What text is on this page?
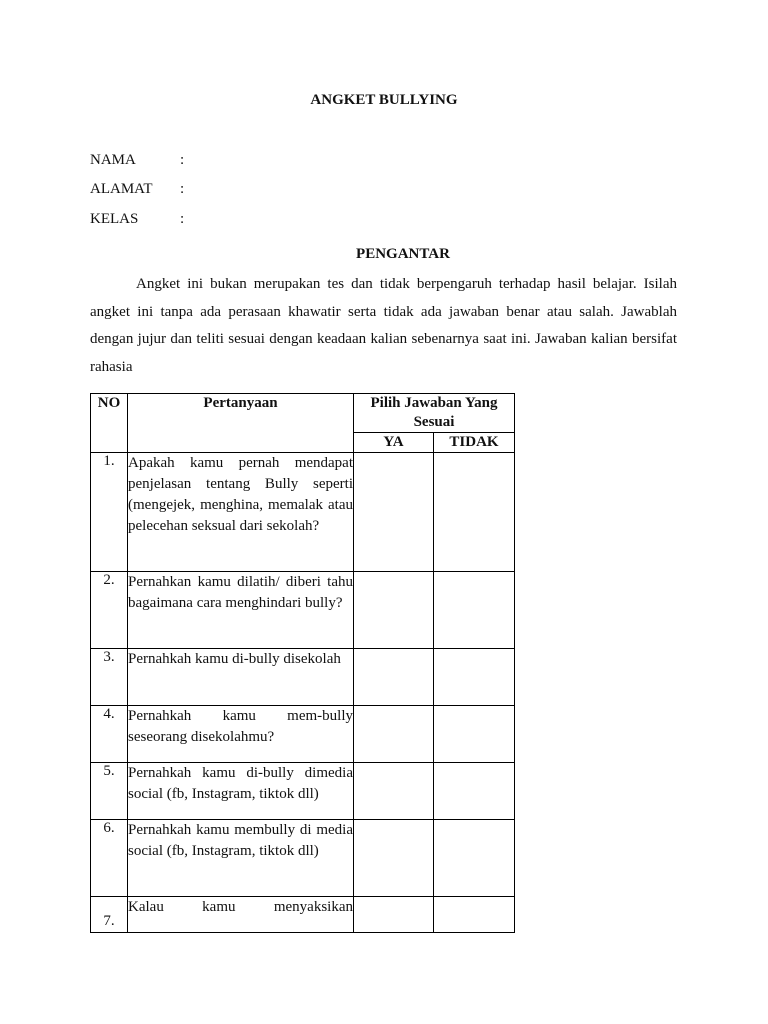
ANGKET BULLYING
NAMA	:
ALAMAT :
KELAS	:
PENGANTAR

Angket ini bukan merupakan tes dan tidak berpengaruh terhadap hasil belajar. Isilah angket ini tanpa ada perasaan khawatir serta tidak ada jawaban benar atau salah. Jawablah dengan jujur dan teliti sesuai dengan keadaan kalian sebenarnya saat ini. Jawaban kalian bersifat rahasia

NO	Pertanyaan	Pilih Jawaban Yang Sesuai	
		YA	TIDAK
1.	Apakah kamu pernah mendapat penjelasan tentang Bully seperti (mengejek, menghina, memalak atau pelecehan seksual dari sekolah?		
2.	Pernahkan kamu dilatih/ diberi tahu bagaimana cara menghindari bully?		
3.	Pernahkah kamu di-bully disekolah		
4.	Pernahkah kamu mem-bully seseorang disekolahmu?		
5.	Pernahkah kamu di-bully dimedia social (fb, Instagram, tiktok dll)		
6.	Pernahkah kamu membully di media social (fb, Instagram, tiktok dll)		
7.	Kalau kamu menyaksikan		
